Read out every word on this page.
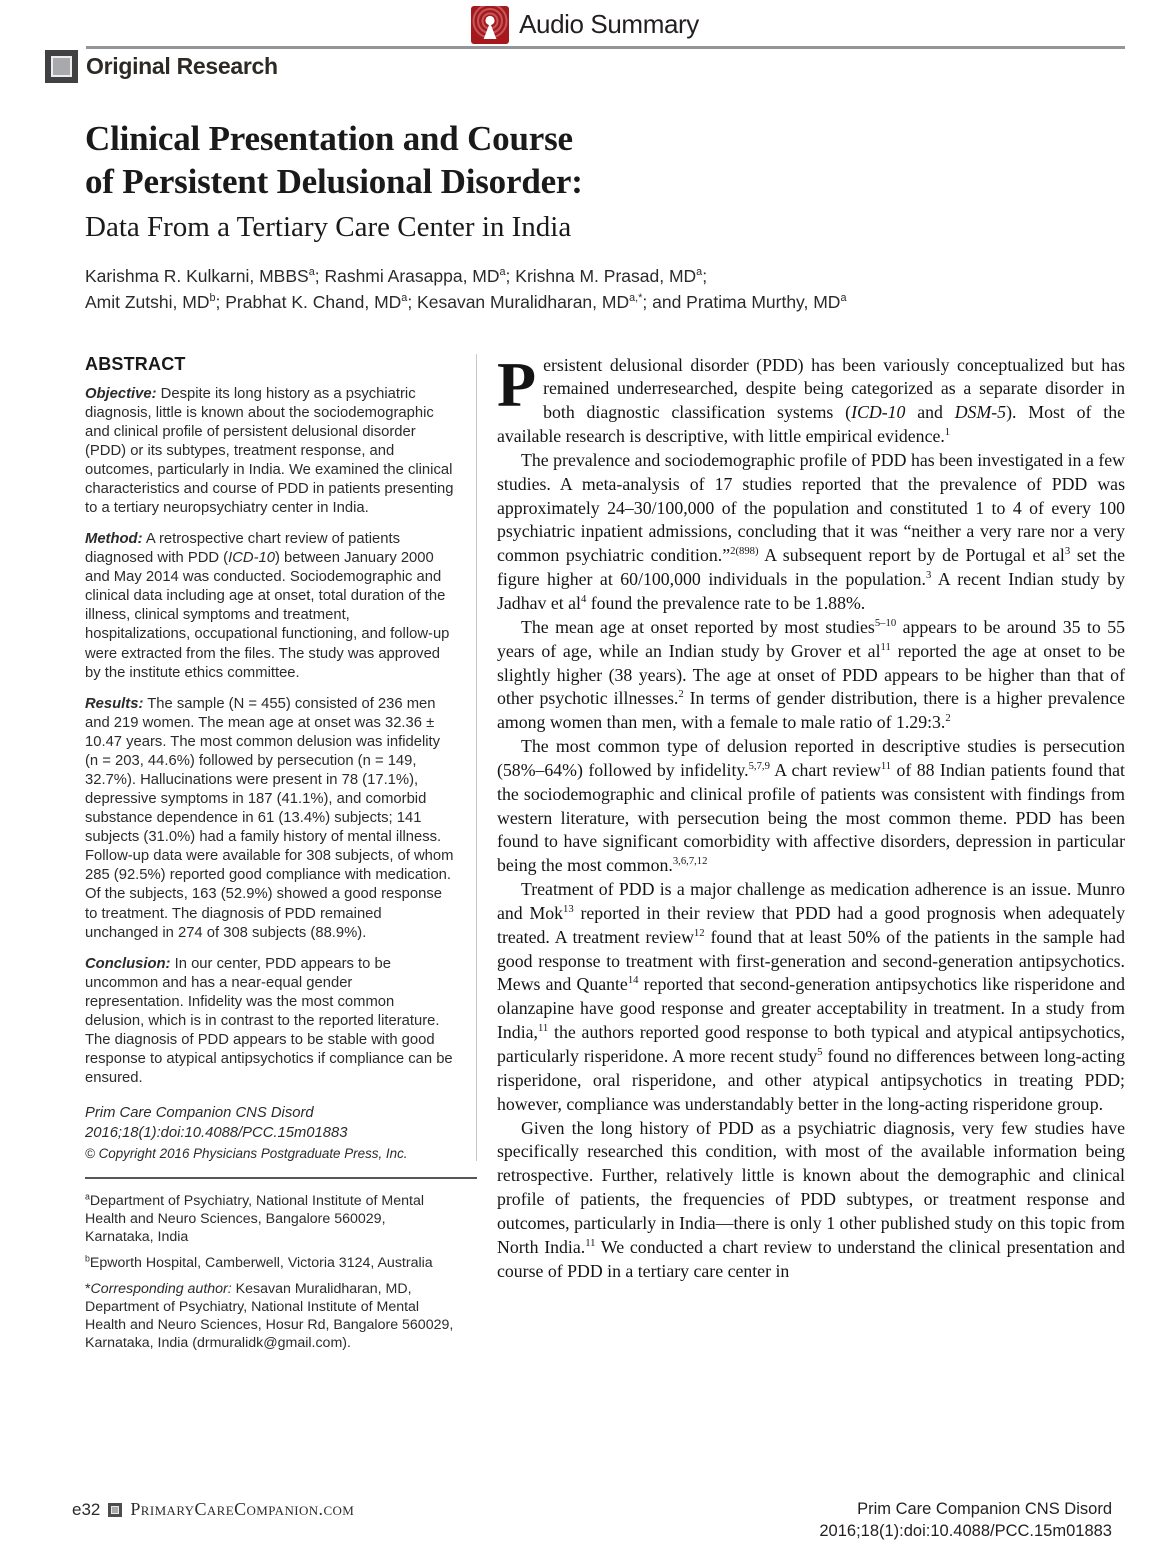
Audio Summary
Original Research
Clinical Presentation and Course
of Persistent Delusional Disorder:
Data From a Tertiary Care Center in India
Karishma R. Kulkarni, MBBS$^a$; Rashmi Arasappa, $MD^a$; Krishna M. Prasad, $MD^a$;
Amit Zutshi, $MD^b$; Prabhat K. Chand, $MD^a$; Kesavan Muralidharan, $MD^{a,*}$; and Pratima Murthy, $MD^a$
ABSTRACT

Objective: Despite its long history as a psychiatric diagnosis, little is known about the sociodemographic and clinical profile of persistent delusional disorder (PDD) or its subtypes, treatment response, and outcomes, particularly in India. We examined the clinical characteristics and course of PDD in patients presenting to a tertiary neuropsychiatry center in India.

Method: A retrospective chart review of patients diagnosed with PDD (ICD-10) between January 2000 and May 2014 was conducted. Sociodemographic and clinical data including age at onset, total duration of the illness, clinical symptoms and treatment, hospitalizations, occupational functioning, and follow-up were extracted from the files. The study was approved by the institute ethics committee.

Results: The sample (N = 455) consisted of 236 men and 219 women. The mean age at onset was 32.36 ± 10.47 years. The most common delusion was infidelity (n = 203, 44.6%) followed by persecution (n = 149, 32.7%). Hallucinations were present in 78 (17.1%), depressive symptoms in 187 (41.1%), and comorbid substance dependence in 61 (13.4%) subjects; 141 subjects (31.0%) had a family history of mental illness. Follow-up data were available for 308 subjects, of whom 285 (92.5%) reported good compliance with medication. Of the subjects, 163 (52.9%) showed a good response to treatment. The diagnosis of PDD remained unchanged in 274 of 308 subjects (88.9%).

Conclusion: In our center, PDD appears to be uncommon and has a near-equal gender representation. Infidelity was the most common delusion, which is in contrast to the reported literature. The diagnosis of PDD appears to be stable with good response to atypical antipsychotics if compliance can be ensured.

Prim Care Companion CNS Disord
2016;18(1):doi:10.4088/PCC.15m01883
© Copyright 2016 Physicians Postgraduate Press, Inc.
$^a$Department of Psychiatry, National Institute of Mental Health and Neuro Sciences, Bangalore 560029, Karnataka, India
$^b$Epworth Hospital, Camberwell, Victoria 3124, Australia
*Corresponding author: Kesavan Muralidharan, MD, Department of Psychiatry, National Institute of Mental Health and Neuro Sciences, Hosur Rd, Bangalore 560029, Karnataka, India (drmuralidk@gmail.com).

Persistent delusional disorder (PDD) has been variously conceptualized but has remained underresearched, despite being categorized as a separate disorder in both diagnostic classification systems (ICD-10 and DSM-5). Most of the available research is descriptive, with little empirical evidence.$^1$

The prevalence and sociodemographic profile of PDD has been investigated in a few studies. A meta-analysis of 17 studies reported that the prevalence of PDD was approximately 24–30/100,000 of the population and constituted 1 to 4 of every 100 psychiatric inpatient admissions, concluding that it was “neither a very rare nor a very common psychiatric condition.”$^{2(898)}$ A subsequent report by de Portugal et $al^3$ set the figure higher at 60/100,000 individuals in the population.$^3$ A recent Indian study by Jadhav et $al^4$ found the prevalence rate to be 1.88%.

The mean age at onset reported by most studies$^{5-10}$ appears to be around 35 to 55 years of age, while an Indian study by Grover et $al^{11}$ reported the age at onset to be slightly higher (38 years). The age at onset of PDD appears to be higher than that of other psychotic illnesses.$^2$ In terms of gender distribution, there is a higher prevalence among women than men, with a female to male ratio of 1.29:3.$^2$

The most common type of delusion reported in descriptive studies is persecution (58%–64%) followed by infidelity.$^{5,7,9}$ A chart review$^{11}$ of 88 Indian patients found that the sociodemographic and clinical profile of patients was consistent with findings from western literature, with persecution being the most common theme. PDD has been found to have significant comorbidity with affective disorders, depression in particular being the most common.$^{3,6,7,12}$

Treatment of PDD is a major challenge as medication adherence is an issue. Munro and Mok$^{13}$ reported in their review that PDD had a good prognosis when adequately treated. A treatment review$^{12}$ found that at least 50% of the patients in the sample had good response to treatment with first-generation and second-generation antipsychotics. Mews and Quante$^{14}$ reported that second-generation antipsychotics like risperidone and olanzapine have good response and greater acceptability in treatment. In a study from India,$^{11}$ the authors reported good response to both typical and atypical antipsychotics, particularly risperidone. A more recent study$^5$ found no differences between long-acting risperidone, oral risperidone, and other atypical antipsychotics in treating PDD; however, compliance was understandably better in the long-acting risperidone group.

Given the long history of PDD as a psychiatric diagnosis, very few studies have specifically researched this condition, with most of the available information being retrospective. Further, relatively little is known about the demographic and clinical profile of patients, the frequencies of PDD subtypes, or treatment response and outcomes, particularly in India—there is only 1 other published study on this topic from North India.$^{11}$ We conducted a chart review to understand the clinical presentation and course of PDD in a tertiary care center in

e32 PrimaryCareCompanion.com	Prim Care Companion CNS Disord
2016;18(1):doi:10.4088/PCC.15m01883
